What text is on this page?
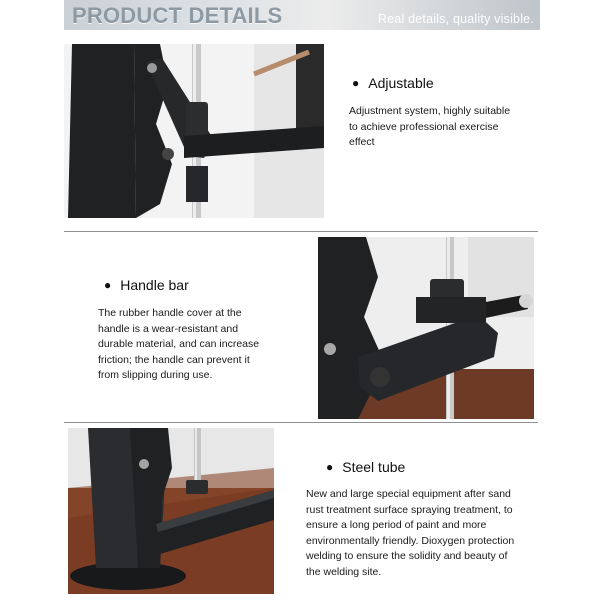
PRODUCT DETAILS	Real details, quality visible.
● Adjustable
Adjustment system, highly suitable
to achieve professional exercise
effect
● Handle bar
The rubber handle cover at the
handle is a wear-resistant and
durable material, and can increase
friction; the handle can prevent it
from slipping during use.
● Steel tube
New and large special equipment after sand
rust treatment surface spraying treatment, to
ensure a long period of paint and more
environmentally friendly. Dioxygen protection
welding to ensure the solidity and beauty of
the welding site.
